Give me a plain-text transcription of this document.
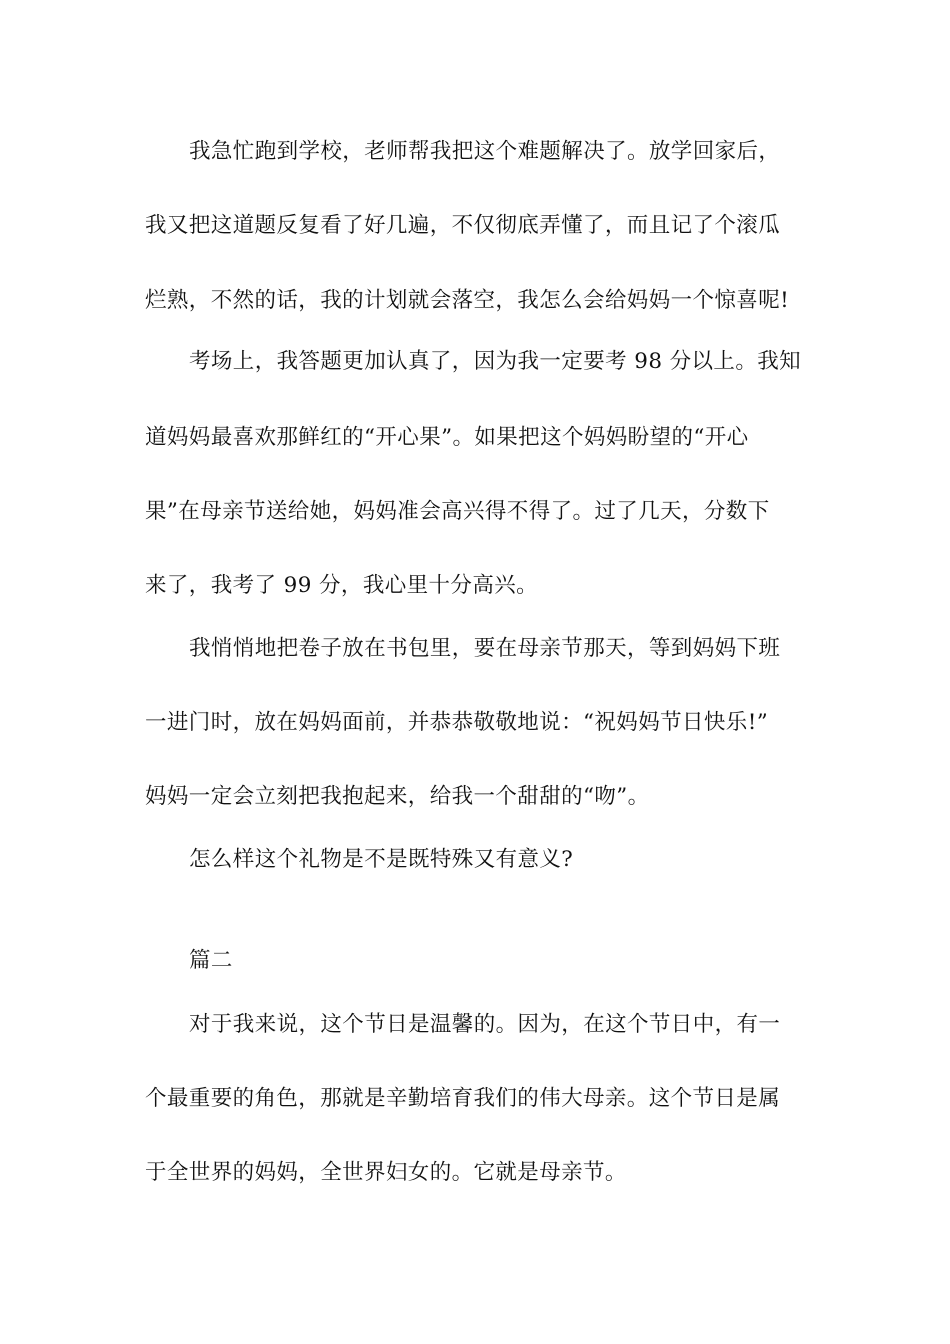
我急忙跑到学校，老师帮我把这个难题解决了。放学回家后，
我又把这道题反复看了好几遍，不仅彻底弄懂了，而且记了个滚瓜
烂熟，不然的话，我的计划就会落空，我怎么会给妈妈一个惊喜呢!
考场上，我答题更加认真了，因为我一定要考 98 分以上。我知
道妈妈最喜欢那鲜红的“开心果”。如果把这个妈妈盼望的“开心
果”在母亲节送给她，妈妈准会高兴得不得了。过了几天，分数下
来了，我考了 99 分，我心里十分高兴。
我悄悄地把卷子放在书包里，要在母亲节那天，等到妈妈下班
一进门时，放在妈妈面前，并恭恭敬敬地说：“祝妈妈节日快乐!”
妈妈一定会立刻把我抱起来，给我一个甜甜的“吻”。
怎么样这个礼物是不是既特殊又有意义?
篇二
对于我来说，这个节日是温馨的。因为，在这个节日中，有一
个最重要的角色，那就是辛勤培育我们的伟大母亲。这个节日是属
于全世界的妈妈，全世界妇女的。它就是母亲节。
